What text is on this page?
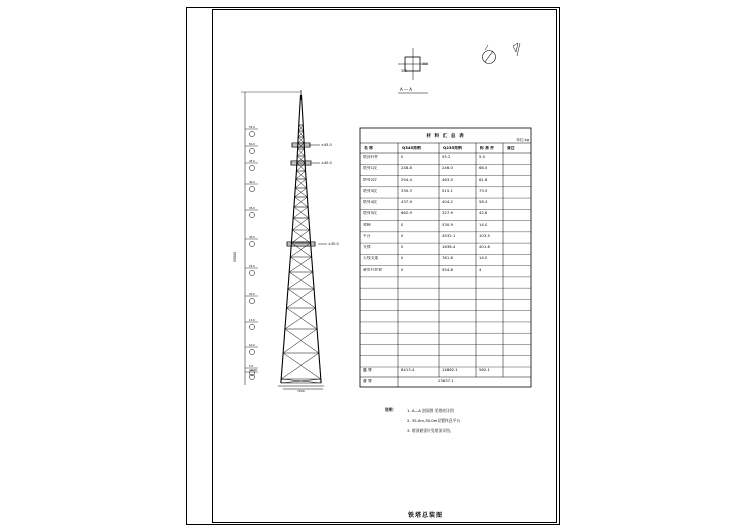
300
300
A — A
55000
55.0
50.0
45.0
40.0
35.0
30.0
25.0
20.0
15.0
10.0
5.0
±0.00
±45.0
±40.0
±30.0
7000
材 料 汇 总 表
单位:kg
名 称	Q345角钢	Q235角钢	标 准 件	备注
塔顶杆件	0	55.2	5.0
塔身1段	248.8	246.0	68.5
塔身2段	294.4	463.0	61.8
塔身3段	330.3	515.1	73.5
塔身4段	437.9	404.2	58.4
塔身5段	662.9	327.9	42.8
爬梯	0	530.9	14.0
平台	0	4532.1	103.5
支撑	0	1636.4	401.6
天线支架	0	761.6	14.0
避雷针装置	0	554.8	4
总 计	8413.4	14862.1	562.1
合 计	23837.1
说明：	1. A—A 剖面图 见塔底详图
2. 35.0m,30.0m设置休息平台
3. 塔顶避雷针见塔顶详图。
铁塔总装图
